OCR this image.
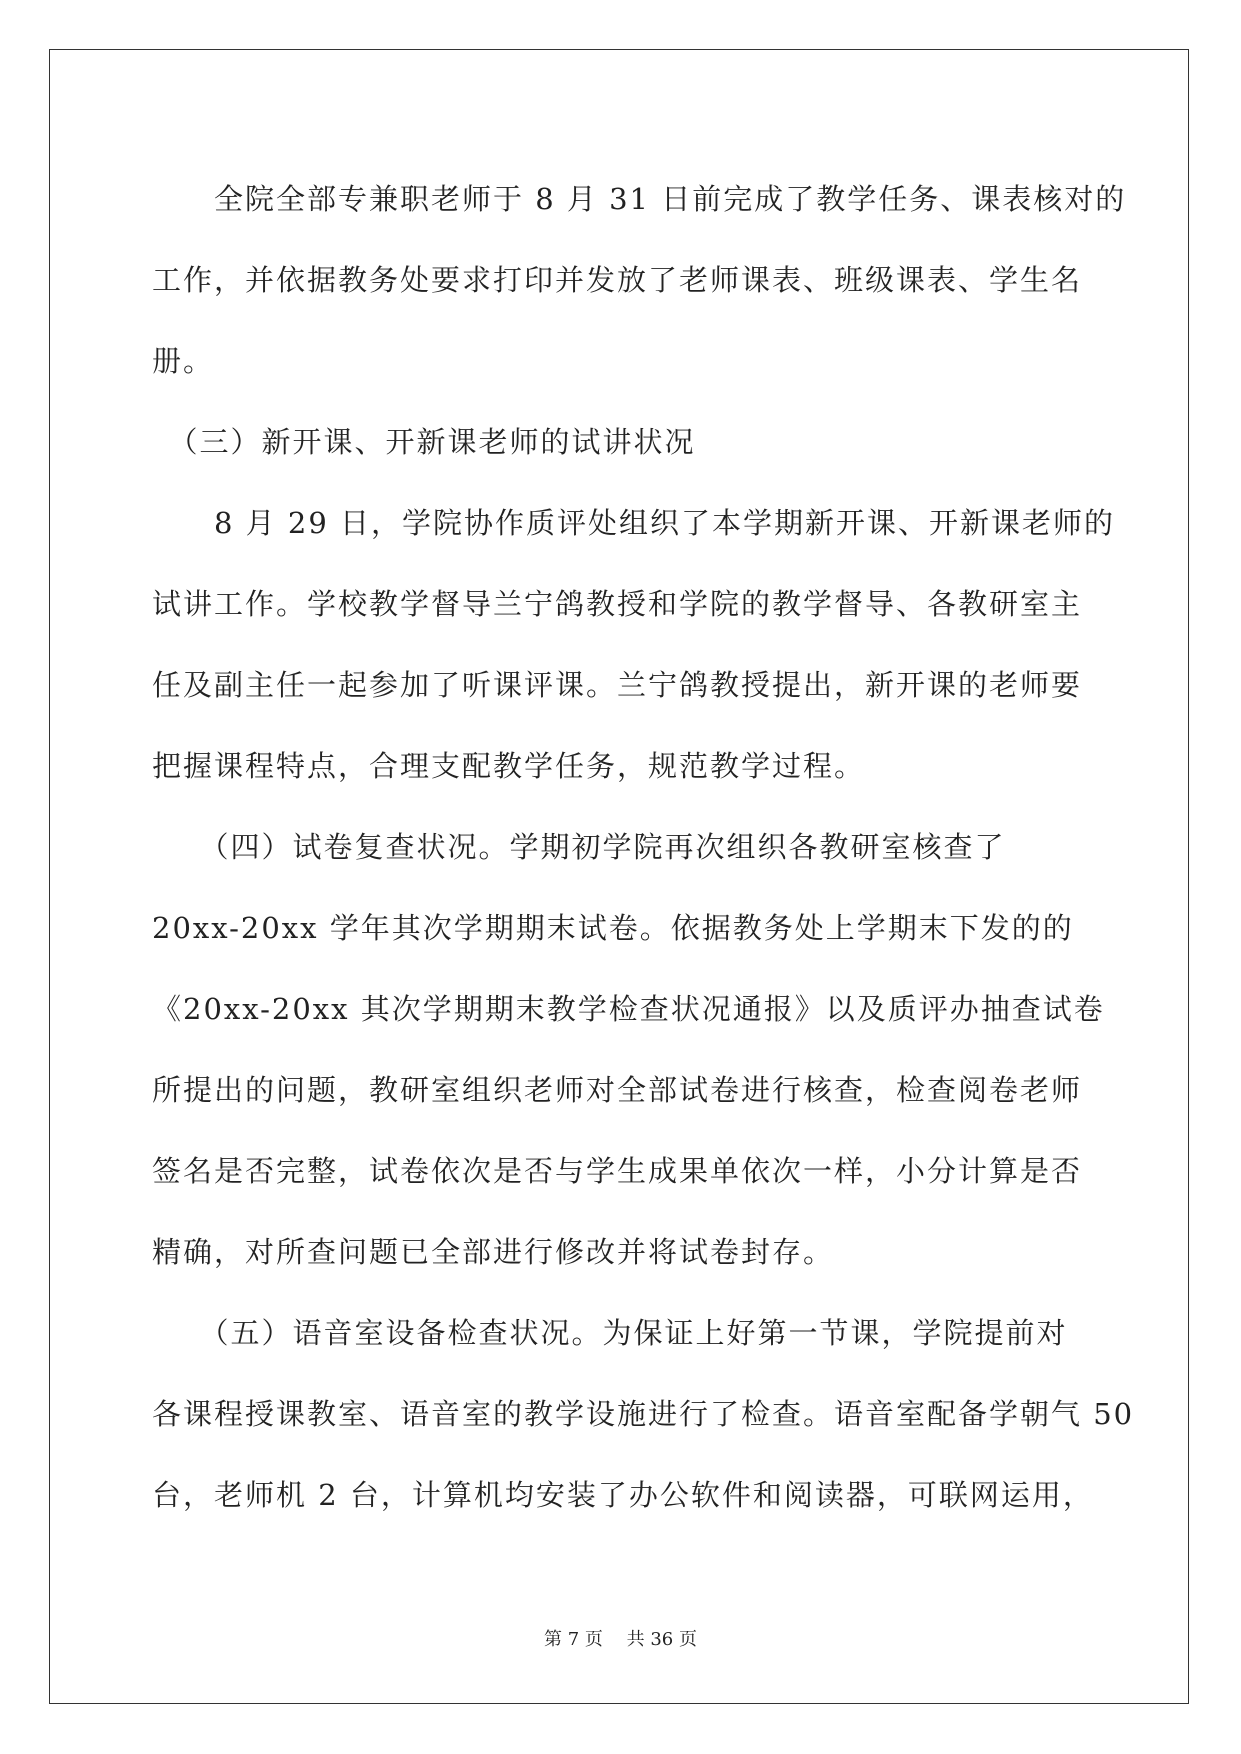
　　全院全部专兼职老师于 8 月 31 日前完成了教学任务、课表核对的
工作，并依据教务处要求打印并发放了老师课表、班级课表、学生名
册。
　（三）新开课、开新课老师的试讲状况
　　8 月 29 日，学院协作质评处组织了本学期新开课、开新课老师的
试讲工作。学校教学督导兰宁鸽教授和学院的教学督导、各教研室主
任及副主任一起参加了听课评课。兰宁鸽教授提出，新开课的老师要
把握课程特点，合理支配教学任务，规范教学过程。
　　（四）试卷复查状况。学期初学院再次组织各教研室核查了
20xx-20xx 学年其次学期期末试卷。依据教务处上学期末下发的的
《20xx-20xx 其次学期期末教学检查状况通报》以及质评办抽查试卷
所提出的问题，教研室组织老师对全部试卷进行核查，检查阅卷老师
签名是否完整，试卷依次是否与学生成果单依次一样，小分计算是否
精确，对所查问题已全部进行修改并将试卷封存。
　　（五）语音室设备检查状况。为保证上好第一节课，学院提前对
各课程授课教室、语音室的教学设施进行了检查。语音室配备学朝气 50
台，老师机 2 台，计算机均安装了办公软件和阅读器，可联网运用，
第 7 页　 共 36 页
